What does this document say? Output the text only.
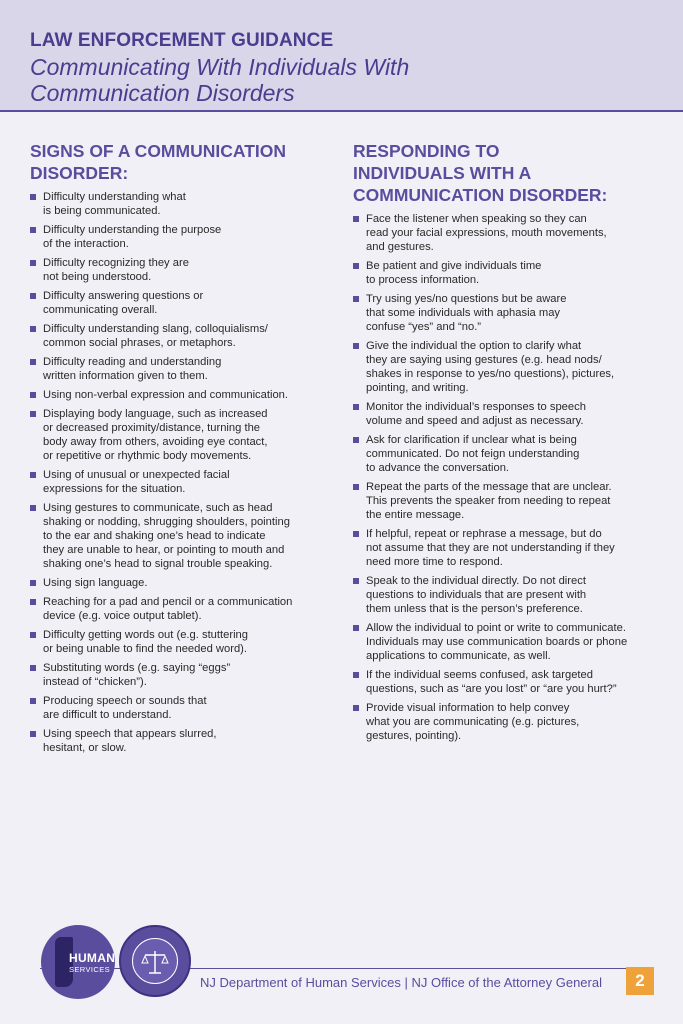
LAW ENFORCEMENT GUIDANCE
Communicating With Individuals With
Communication Disorders
SIGNS OF A COMMUNICATION
DISORDER:
Difficulty understanding what
is being communicated.
Difficulty understanding the purpose
of the interaction.
Difficulty recognizing they are
not being understood.
Difficulty answering questions or
communicating overall.
Difficulty understanding slang, colloquialisms/
common social phrases, or metaphors.
Difficulty reading and understanding
written information given to them.
Using non-verbal expression and communication.
Displaying body language, such as increased
or decreased proximity/distance, turning the
body away from others, avoiding eye contact,
or repetitive or rhythmic body movements.
Using of unusual or unexpected facial
expressions for the situation.
Using gestures to communicate, such as head
shaking or nodding, shrugging shoulders, pointing
to the ear and shaking one’s head to indicate
they are unable to hear, or pointing to mouth and
shaking one’s head to signal trouble speaking.
Using sign language.
Reaching for a pad and pencil or a communication
device (e.g. voice output tablet).
Difficulty getting words out (e.g. stuttering
or being unable to find the needed word).
Substituting words (e.g. saying “eggs”
instead of “chicken”).
Producing speech or sounds that
are difficult to understand.
Using speech that appears slurred,
hesitant, or slow.
RESPONDING TO
INDIVIDUALS WITH A
COMMUNICATION DISORDER:
Face the listener when speaking so they can
read your facial expressions, mouth movements,
and gestures.
Be patient and give individuals time
to process information.
Try using yes/no questions but be aware
that some individuals with aphasia may
confuse “yes” and “no.”
Give the individual the option to clarify what
they are saying using gestures (e.g. head nods/
shakes in response to yes/no questions), pictures,
pointing, and writing.
Monitor the individual’s responses to speech
volume and speed and adjust as necessary.
Ask for clarification if unclear what is being
communicated. Do not feign understanding
to advance the conversation.
Repeat the parts of the message that are unclear.
This prevents the speaker from needing to repeat
the entire message.
If helpful, repeat or rephrase a message, but do
not assume that they are not understanding if they
need more time to respond.
Speak to the individual directly. Do not direct
questions to individuals that are present with
them unless that is the person’s preference.
Allow the individual to point or write to communicate.
Individuals may use communication boards or phone
applications to communicate, as well.
If the individual seems confused, ask targeted
questions, such as “are you lost” or “are you hurt?”
Provide visual information to help convey
what you are communicating (e.g. pictures,
gestures, pointing).
HUMAN
SERVICES
NJ Department of Human Services | NJ Office of the Attorney General	2
